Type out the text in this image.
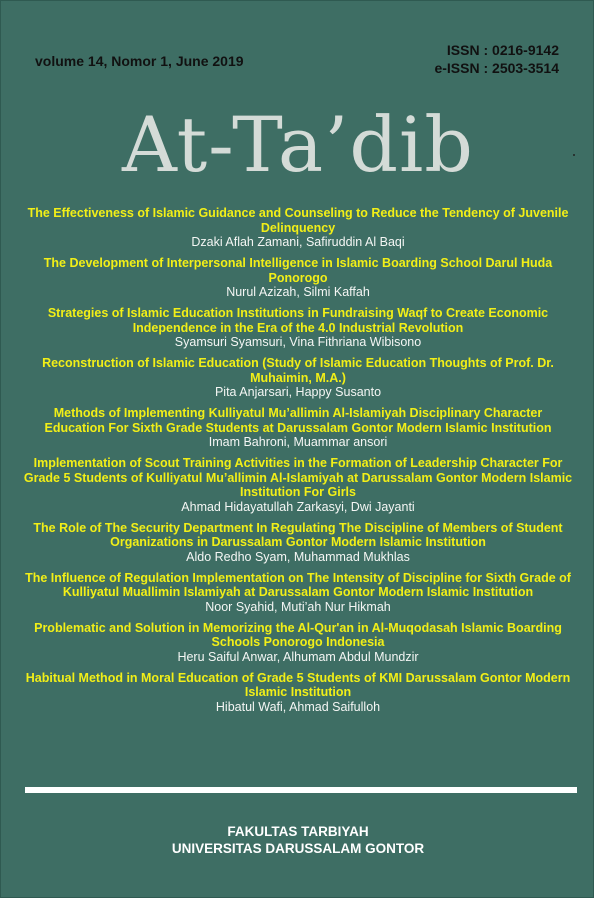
volume 14, Nomor 1, June 2019
ISSN : 0216-9142
e-ISSN : 2503-3514
At-Ta’dib
The Effectiveness of Islamic Guidance and Counseling to Reduce the Tendency of Juvenile Delinquency
Dzaki Aflah Zamani, Safiruddin Al Baqi
The Development of Interpersonal Intelligence in Islamic Boarding School Darul Huda Ponorogo
Nurul Azizah, Silmi Kaffah
Strategies of Islamic Education Institutions in Fundraising Waqf to Create Economic Independence in the Era of the 4.0 Industrial Revolution
Syamsuri Syamsuri, Vina Fithriana Wibisono
Reconstruction of Islamic Education (Study of Islamic Education Thoughts of Prof. Dr. Muhaimin, M.A.)
Pita Anjarsari, Happy Susanto
Methods of Implementing Kulliyatul Mu’allimin Al-Islamiyah Disciplinary Character Education For Sixth Grade Students at Darussalam Gontor Modern Islamic Institution
Imam Bahroni, Muammar ansori
Implementation of Scout Training Activities in the Formation of Leadership Character For Grade 5 Students of Kulliyatul Mu’allimin Al-Islamiyah at Darussalam Gontor Modern Islamic Institution For Girls
Ahmad Hidayatullah Zarkasyi, Dwi Jayanti
The Role of The Security Department In Regulating The Discipline of Members of Student Organizations in Darussalam Gontor Modern Islamic Institution
Aldo Redho Syam, Muhammad Mukhlas
The Influence of Regulation Implementation on The Intensity of Discipline for Sixth Grade of Kulliyatul Muallimin Islamiyah at Darussalam Gontor Modern Islamic Institution
Noor Syahid, Muti’ah Nur Hikmah
Problematic and Solution in Memorizing the Al-Qur'an in Al-Muqodasah Islamic Boarding Schools Ponorogo Indonesia
Heru Saiful Anwar, Alhumam Abdul Mundzir
Habitual Method in Moral Education of Grade 5 Students of KMI Darussalam Gontor Modern Islamic Institution
Hibatul Wafi, Ahmad Saifulloh
FAKULTAS TARBIYAH
UNIVERSITAS DARUSSALAM GONTOR
